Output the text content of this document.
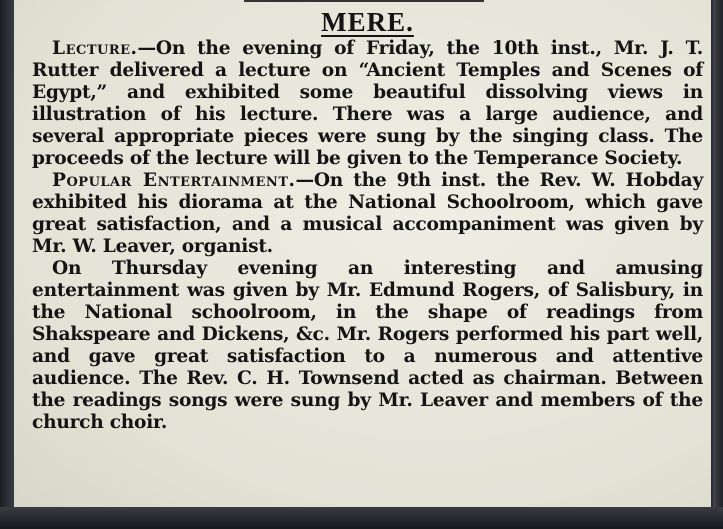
MERE.

Lecture.—On the evening of Friday, the 10th inst., Mr. J. T. Rutter delivered a lecture on “Ancient Temples and Scenes of Egypt,” and exhibited some beautiful dissolving views in illustration of his lecture. There was a large audience, and several appropriate pieces were sung by the singing class. The proceeds of the lecture will be given to the Temperance Society.

Popular Entertainment.—On the 9th inst. the Rev. W. Hobday exhibited his diorama at the National Schoolroom, which gave great satisfaction, and a musical accompaniment was given by Mr. W. Leaver, organist.

On Thursday evening an interesting and amusing entertainment was given by Mr. Edmund Rogers, of Salisbury, in the National schoolroom, in the shape of readings from Shakspeare and Dickens, &c. Mr. Rogers performed his part well, and gave great satisfaction to a numerous and attentive audience. The Rev. C. H. Townsend acted as chairman. Between the readings songs were sung by Mr. Leaver and members of the church choir.
